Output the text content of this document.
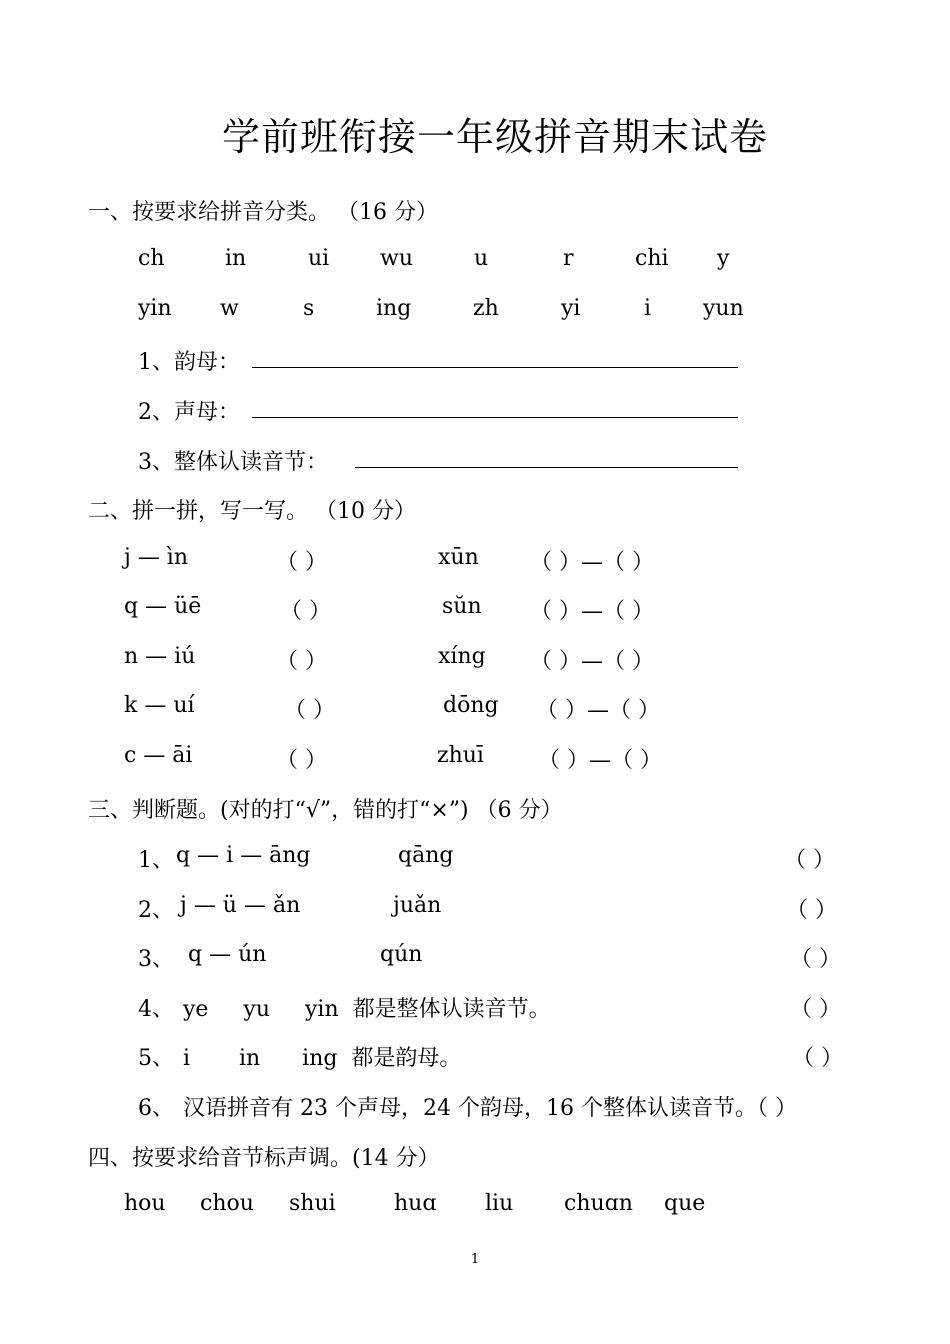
学前班衔接一年级拼音期末试卷
一、按要求给拼音分类。 （16 分）
ch	in	ui wu	u	r	chi y
yin w	s	ing	zh	yi	i yun
1、韵母：
2、声母：
3、整体认读音节：
二、拼一拼，写一写。 （10 分）
j — ìn	（ ）	xūn （ ）—（ ）
q — üē	（ ）	sŭn （ ）—（ ）
n — iú	（ ）	xíng （ ）—（ ）
k — uí	（ ）	dōng （ ）—（ ）
c — āi	（ ）	zhuī （ ）—（ ）
三、判断题。(对的打“√”，错的打“×”) （6 分）
1、 q — i — āng	qāng	（ ）
2、 j — ü — ǎn	juǎn	（ ）
3、 q — ún	qún	（ ）
4、 ye     yu     yin  都是整体认读音节。	（ ）
5、 i       in      ing  都是韵母。	（ ）
6、 汉语拼音有 23 个声母，24 个韵母，16 个整体认读音节。（ ）
四、按要求给音节标声调。(14 分）
hou chou shui	huɑ liu chuɑn que
1
